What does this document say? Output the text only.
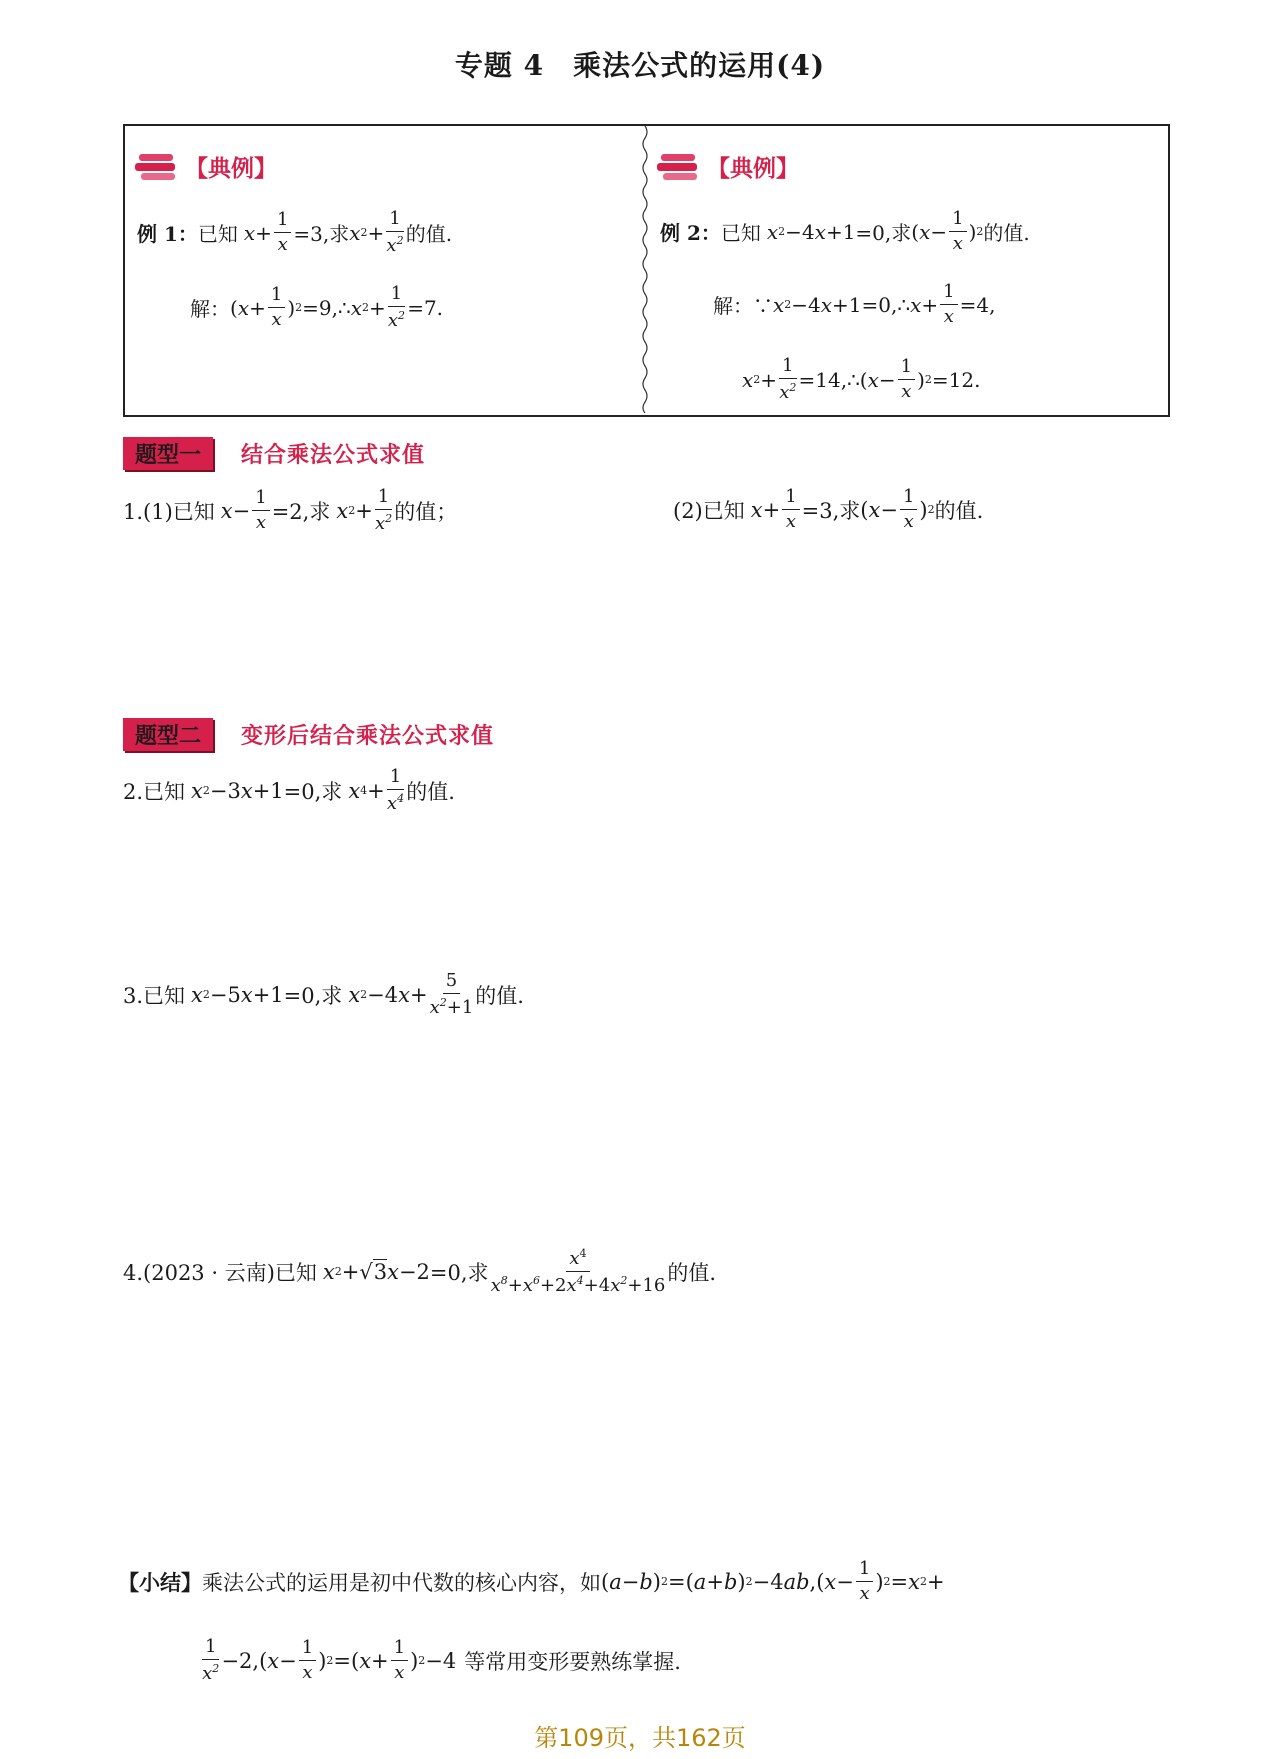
专题 4　乘法公式的运用(4)
【典例】
例 1： 已知 $x + \frac{1}{x} =3$,求 x $2 + \frac{1}{x^2}$ 的值.
解： ( $x + \frac{1}{x}$ ) 2 =9,∴ x $2 + \frac{1}{x^2} =7$.
【典例】
例 2： 已知 x 2 −4 x +1 =0,求 ( $x - \frac{1}{x}$ ) 2 的值.
解：∵ x 2 −4 x +1 =0,∴ $x + \frac{1}{x} =4$,
x $2 + \frac{1}{x^2}$ =14,∴ ( $x - \frac{1}{x}$ ) 2 =12.
题型一	结合乘法公式求值
1.(1)已知 $x - \frac{1}{x} =2$,求 x $2 + \frac{1}{x^2}$ 的值；	(2)已知 $x + \frac{1}{x} =3$,求 ( $x - \frac{1}{x}$ ) 2 的值.
题型二	变形后结合乘法公式求值
2.已知 x 2 −3 x +1 =0,求 x $4 + \frac{1}{x^4}$ 的值.
3.已知 x 2 −5 x +1 =0,求 x 2 −4 $x + \frac{5}{x^2+1}$ 的值.
4.(2023 · 云南)已知 x 2 +√ 3 x −2 =0,求 $\frac{x^4}{x^8+x^6+2x^4+4x^2+16}$ 的值.
【小结】 乘法公式的运用是初中代数的核心内容，如 ( a − b ) 2 =( a + b ) 2 −4 ab ,( $x - \frac{1}{x}$ ) 2 = x 2 +
$\frac{1}{x^2} -2$,( $x - \frac{1}{x}$ ) 2 =( $x + \frac{1}{x}$ ) 2 −4 等常用变形要熟练掌握.
第109页，共162页
